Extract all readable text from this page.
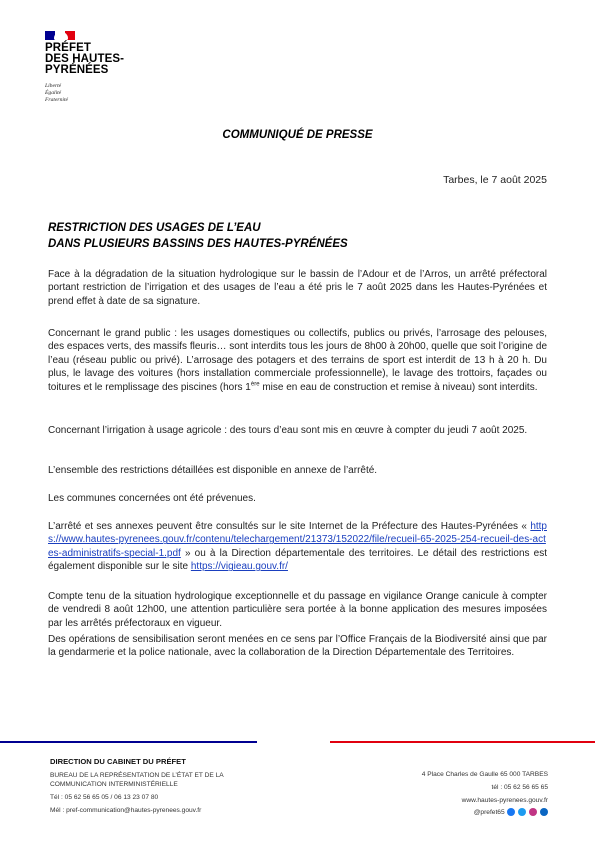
PRÉFET
DES HAUTES-
PYRÉNÉES
Liberté
Égalité
Fraternité
COMMUNIQUÉ DE PRESSE
Tarbes, le 7 août 2025
RESTRICTION DES USAGES DE L’EAU
DANS PLUSIEURS BASSINS DES HAUTES-PYRÉNÉES
Face à la dégradation de la situation hydrologique sur le bassin de l’Adour et de l’Arros, un arrêté préfectoral portant restriction de l’irrigation et des usages de l’eau a été pris le 7 août 2025 dans les Hautes-Pyrénées et prend effet à date de sa signature.
Concernant le grand public : les usages domestiques ou collectifs, publics ou privés, l’arrosage des pelouses, des espaces verts, des massifs fleuris… sont interdits tous les jours de 8h00 à 20h00, quelle que soit l’origine de l’eau (réseau public ou privé). L’arrosage des potagers et des terrains de sport est interdit de 13 h à 20 h. Du plus, le lavage des voitures (hors installation commerciale professionnelle), le lavage des trottoirs, façades ou toitures et le remplissage des piscines (hors 1ère mise en eau de construction et remise à niveau) sont interdits.
Concernant l’irrigation à usage agricole : des tours d’eau sont mis en œuvre à compter du jeudi 7 août 2025.
L’ensemble des restrictions détaillées est disponible en annexe de l’arrêté.
Les communes concernées ont été prévenues.
L’arrêté et ses annexes peuvent être consultés sur le site Internet de la Préfecture des Hautes-Pyrénées « https://www.hautes-pyrenees.gouv.fr/contenu/telechargement/21373/152022/file/recueil-65-2025-254-recueil-des-actes-administratifs-special-1.pdf » ou à la Direction départementale des territoires. Le détail des restrictions est également disponible sur le site https://vigieau.gouv.fr/
Compte tenu de la situation hydrologique exceptionnelle et du passage en vigilance Orange canicule à compter de vendredi 8 août 12h00, une attention particulière sera portée à la bonne application des mesures imposées par les arrêtés préfectoraux en vigueur.
Des opérations de sensibilisation seront menées en ce sens par l’Office Français de la Biodiversité ainsi que par la gendarmerie et la police nationale, avec la collaboration de la Direction Départementale des Territoires.
DIRECTION DU CABINET DU PRÉFET
BUREAU DE LA REPRÉSENTATION DE L’ÉTAT ET DE LA
COMMUNICATION INTERMINISTÉRIELLE
Tél : 05 62 56 65 05 / 06 13 23 07 80
Mél : pref-communication@hautes-pyrenees.gouv.fr
4 Place Charles de Gaulle 65 000 TARBES
tél : 05 62 56 65 65
www.hautes-pyrenees.gouv.fr
@prefet65
